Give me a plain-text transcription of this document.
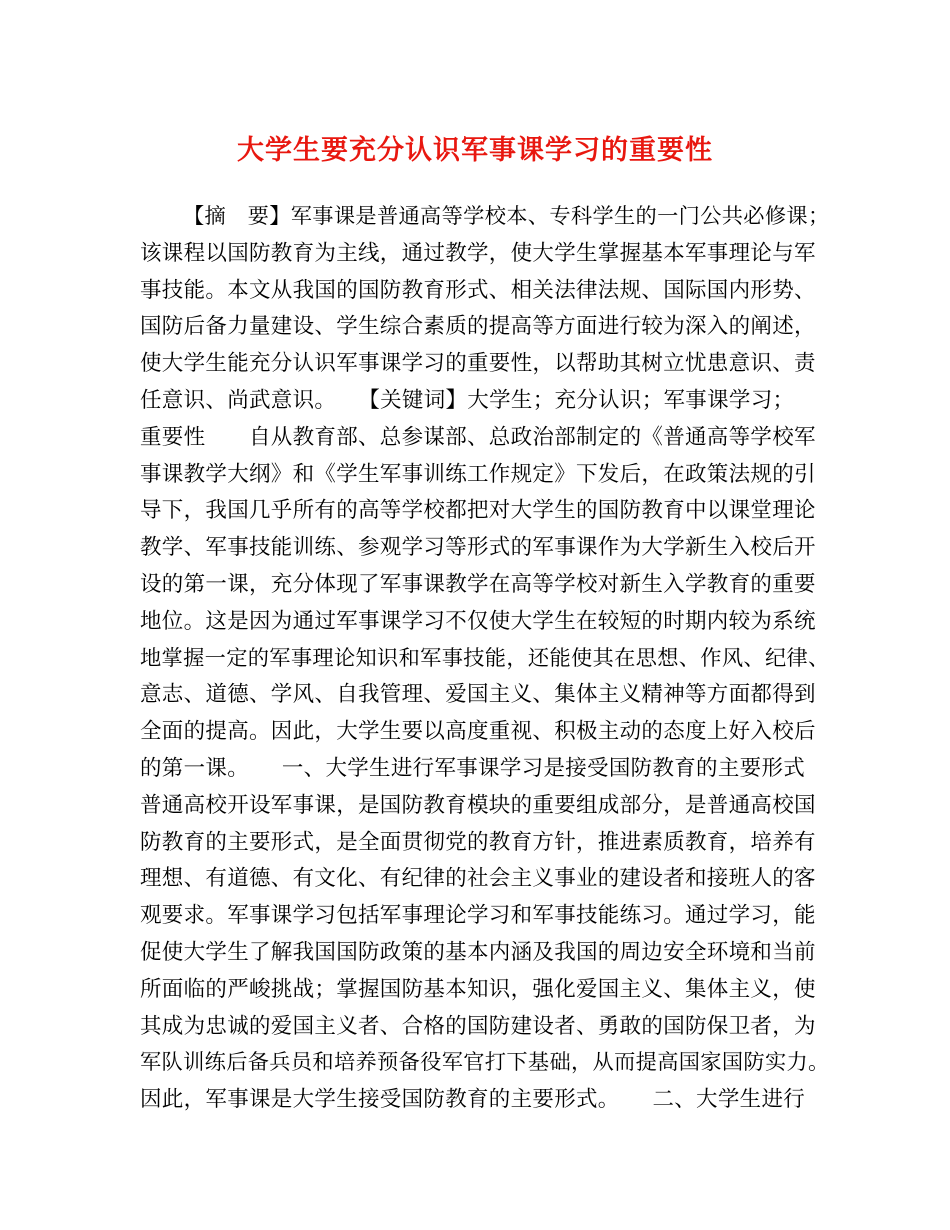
大学生要充分认识军事课学习的重要性
【摘　要】军事课是普通高等学校本、专科学生的一门公共必修课；
该课程以国防教育为主线，通过教学，使大学生掌握基本军事理论与军
事技能。本文从我国的国防教育形式、相关法律法规、国际国内形势、
国防后备力量建设、学生综合素质的提高等方面进行较为深入的阐述，
使大学生能充分认识军事课学习的重要性，以帮助其树立忧患意识、责
任意识、尚武意识。　　【关键词】大学生；充分认识；军事课学习；
重要性　　自从教育部、总参谋部、总政治部制定的《普通高等学校军
事课教学大纲》和《学生军事训练工作规定》下发后，在政策法规的引
导下，我国几乎所有的高等学校都把对大学生的国防教育中以课堂理论
教学、军事技能训练、参观学习等形式的军事课作为大学新生入校后开
设的第一课，充分体现了军事课教学在高等学校对新生入学教育的重要
地位。这是因为通过军事课学习不仅使大学生在较短的时期内较为系统
地掌握一定的军事理论知识和军事技能，还能使其在思想、作风、纪律、
意志、道德、学风、自我管理、爱国主义、集体主义精神等方面都得到
全面的提高。因此，大学生要以高度重视、积极主动的态度上好入校后
的第一课。　　一、大学生进行军事课学习是接受国防教育的主要形式
普通高校开设军事课，是国防教育模块的重要组成部分，是普通高校国
防教育的主要形式，是全面贯彻党的教育方针，推进素质教育，培养有
理想、有道德、有文化、有纪律的社会主义事业的建设者和接班人的客
观要求。军事课学习包括军事理论学习和军事技能练习。通过学习，能
促使大学生了解我国国防政策的基本内涵及我国的周边安全环境和当前
所面临的严峻挑战；掌握国防基本知识，强化爱国主义、集体主义，使
其成为忠诚的爱国主义者、合格的国防建设者、勇敢的国防保卫者，为
军队训练后备兵员和培养预备役军官打下基础，从而提高国家国防实力。
因此，军事课是大学生接受国防教育的主要形式。　　二、大学生进行
